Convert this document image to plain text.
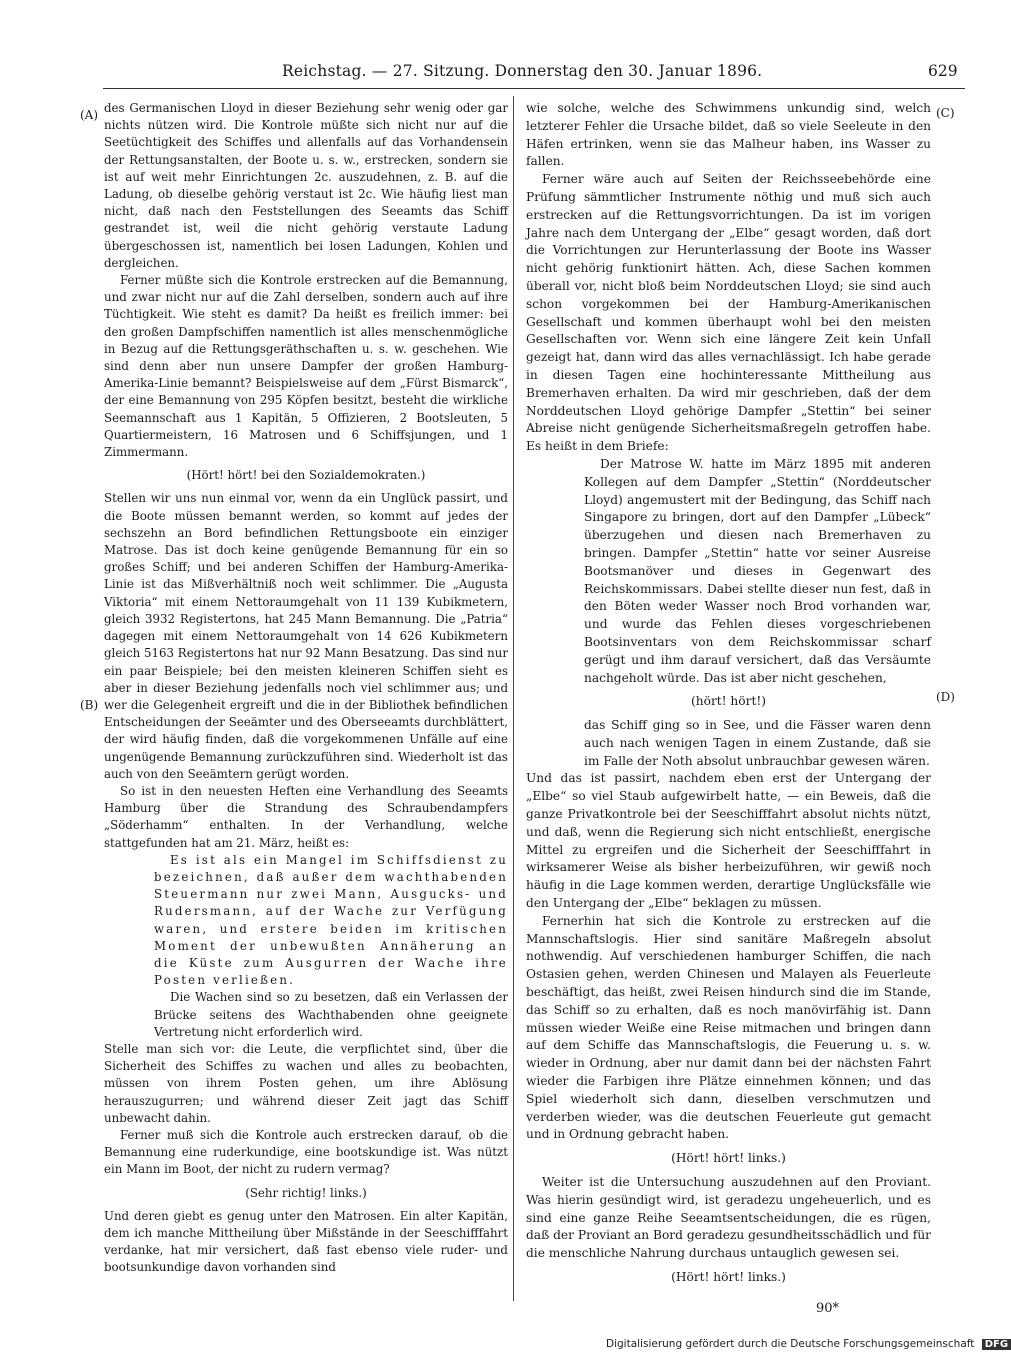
Reichstag. — 27. Sitzung. Donnerstag den 30. Januar 1896.	629
(A)
(B)
(C)
(D)

des Germanischen Lloyd in dieser Beziehung sehr wenig oder gar nichts nützen wird. Die Kontrole müßte sich nicht nur auf die Seetüchtigkeit des Schiffes und allenfalls auf das Vorhandensein der Rettungsanstalten, der Boote u. s. w., erstrecken, sondern sie ist auf weit mehr Einrichtungen 2c. auszudehnen, z. B. auf die Ladung, ob dieselbe gehörig verstaut ist 2c. Wie häufig liest man nicht, daß nach den Feststellungen des Seeamts das Schiff gestrandet ist, weil die nicht gehörig verstaute Ladung übergeschossen ist, namentlich bei losen Ladungen, Kohlen und dergleichen.

Ferner müßte sich die Kontrole erstrecken auf die Bemannung, und zwar nicht nur auf die Zahl derselben, sondern auch auf ihre Tüchtigkeit. Wie steht es damit? Da heißt es freilich immer: bei den großen Dampfschiffen namentlich ist alles menschenmögliche in Bezug auf die Rettungsgeräthschaften u. s. w. geschehen. Wie sind denn aber nun unsere Dampfer der großen Hamburg-Amerika-Linie bemannt? Beispielsweise auf dem „Fürst Bismarck“, der eine Bemannung von 295 Köpfen besitzt, besteht die wirkliche Seemannschaft aus 1 Kapitän, 5 Offizieren, 2 Bootsleuten, 5 Quartiermeistern, 16 Matrosen und 6 Schiffsjungen, und 1 Zimmermann.

(Hört! hört! bei den Sozialdemokraten.)

Stellen wir uns nun einmal vor, wenn da ein Unglück passirt, und die Boote müssen bemannt werden, so kommt auf jedes der sechszehn an Bord befindlichen Rettungsboote ein einziger Matrose. Das ist doch keine genügende Bemannung für ein so großes Schiff; und bei anderen Schiffen der Hamburg-Amerika-Linie ist das Mißverhältniß noch weit schlimmer. Die „Augusta Viktoria“ mit einem Nettoraumgehalt von 11 139 Kubikmetern, gleich 3932 Registertons, hat 245 Mann Bemannung. Die „Patria“ dagegen mit einem Nettoraumgehalt von 14 626 Kubikmetern gleich 5163 Registertons hat nur 92 Mann Besatzung. Das sind nur ein paar Beispiele; bei den meisten kleineren Schiffen sieht es aber in dieser Beziehung jedenfalls noch viel schlimmer aus; und wer die Gelegenheit ergreift und die in der Bibliothek befindlichen Entscheidungen der Seeämter und des Oberseeamts durchblättert, der wird häufig finden, daß die vorgekommenen Unfälle auf eine ungenügende Bemannung zurückzuführen sind. Wiederholt ist das auch von den Seeämtern gerügt worden.

So ist in den neuesten Heften eine Verhandlung des Seeamts Hamburg über die Strandung des Schraubendampfers „Söderhamm“ enthalten. In der Verhandlung, welche stattgefunden hat am 21. März, heißt es:

Es ist als ein Mangel im Schiffsdienst zu bezeichnen, daß außer dem wachthabenden Steuermann nur zwei Mann, Ausgucks- und Rudersmann, auf der Wache zur Verfügung waren, und erstere beiden im kritischen Moment der unbewußten Annäherung an die Küste zum Ausgurren der Wache ihre Posten verließen.

Die Wachen sind so zu besetzen, daß ein Verlassen der Brücke seitens des Wachthabenden ohne geeignete Vertretung nicht erforderlich wird.

Stelle man sich vor: die Leute, die verpflichtet sind, über die Sicherheit des Schiffes zu wachen und alles zu beobachten, müssen von ihrem Posten gehen, um ihre Ablösung herauszugurren; und während dieser Zeit jagt das Schiff unbewacht dahin.

Ferner muß sich die Kontrole auch erstrecken darauf, ob die Bemannung eine ruderkundige, eine bootskundige ist. Was nützt ein Mann im Boot, der nicht zu rudern vermag?

(Sehr richtig! links.)

Und deren giebt es genug unter den Matrosen. Ein alter Kapitän, dem ich manche Mittheilung über Mißstände in der Seeschifffahrt verdanke, hat mir versichert, daß fast ebenso viele ruder- und bootsunkundige davon vorhanden sind

wie solche, welche des Schwimmens unkundig sind, welch letzterer Fehler die Ursache bildet, daß so viele Seeleute in den Häfen ertrinken, wenn sie das Malheur haben, ins Wasser zu fallen.

Ferner wäre auch auf Seiten der Reichsseebehörde eine Prüfung sämmtlicher Instrumente nöthig und muß sich auch erstrecken auf die Rettungsvorrichtungen. Da ist im vorigen Jahre nach dem Untergang der „Elbe“ gesagt worden, daß dort die Vorrichtungen zur Herunterlassung der Boote ins Wasser nicht gehörig funktionirt hätten. Ach, diese Sachen kommen überall vor, nicht bloß beim Norddeutschen Lloyd; sie sind auch schon vorgekommen bei der Hamburg-Amerikanischen Gesellschaft und kommen überhaupt wohl bei den meisten Gesellschaften vor. Wenn sich eine längere Zeit kein Unfall gezeigt hat, dann wird das alles vernachlässigt. Ich habe gerade in diesen Tagen eine hochinteressante Mittheilung aus Bremerhaven erhalten. Da wird mir geschrieben, daß der dem Norddeutschen Lloyd gehörige Dampfer „Stettin“ bei seiner Abreise nicht genügende Sicherheitsmaßregeln getroffen habe. Es heißt in dem Briefe:

Der Matrose W. hatte im März 1895 mit anderen Kollegen auf dem Dampfer „Stettin“ (Norddeutscher Lloyd) angemustert mit der Bedingung, das Schiff nach Singapore zu bringen, dort auf den Dampfer „Lübeck“ überzugehen und diesen nach Bremerhaven zu bringen. Dampfer „Stettin“ hatte vor seiner Ausreise Bootsmanöver und dieses in Gegenwart des Reichskommissars. Dabei stellte dieser nun fest, daß in den Böten weder Wasser noch Brod vorhanden war, und wurde das Fehlen dieses vorgeschriebenen Bootsinventars von dem Reichskommissar scharf gerügt und ihm darauf versichert, daß das Versäumte nachgeholt würde. Das ist aber nicht geschehen,

(hört! hört!)

das Schiff ging so in See, und die Fässer waren denn auch nach wenigen Tagen in einem Zustande, daß sie im Falle der Noth absolut unbrauchbar gewesen wären.

Und das ist passirt, nachdem eben erst der Untergang der „Elbe“ so viel Staub aufgewirbelt hatte, — ein Beweis, daß die ganze Privatkontrole bei der Seeschifffahrt absolut nichts nützt, und daß, wenn die Regierung sich nicht entschließt, energische Mittel zu ergreifen und die Sicherheit der Seeschifffahrt in wirksamerer Weise als bisher herbeizuführen, wir gewiß noch häufig in die Lage kommen werden, derartige Unglücksfälle wie den Untergang der „Elbe“ beklagen zu müssen.

Fernerhin hat sich die Kontrole zu erstrecken auf die Mannschaftslogis. Hier sind sanitäre Maßregeln absolut nothwendig. Auf verschiedenen hamburger Schiffen, die nach Ostasien gehen, werden Chinesen und Malayen als Feuerleute beschäftigt, das heißt, zwei Reisen hindurch sind die im Stande, das Schiff so zu erhalten, daß es noch manövirfähig ist. Dann müssen wieder Weiße eine Reise mitmachen und bringen dann auf dem Schiffe das Mannschaftslogis, die Feuerung u. s. w. wieder in Ordnung, aber nur damit dann bei der nächsten Fahrt wieder die Farbigen ihre Plätze einnehmen können; und das Spiel wiederholt sich dann, dieselben verschmutzen und verderben wieder, was die deutschen Feuerleute gut gemacht und in Ordnung gebracht haben.

(Hört! hört! links.)

Weiter ist die Untersuchung auszudehnen auf den Proviant. Was hierin gesündigt wird, ist geradezu ungeheuerlich, und es sind eine ganze Reihe Seeamtsentscheidungen, die es rügen, daß der Proviant an Bord geradezu gesundheitsschädlich und für die menschliche Nahrung durchaus untauglich gewesen sei.

(Hört! hört! links.)

90*
Digitalisierung gefördert durch die Deutsche Forschungsgemeinschaft DFG
